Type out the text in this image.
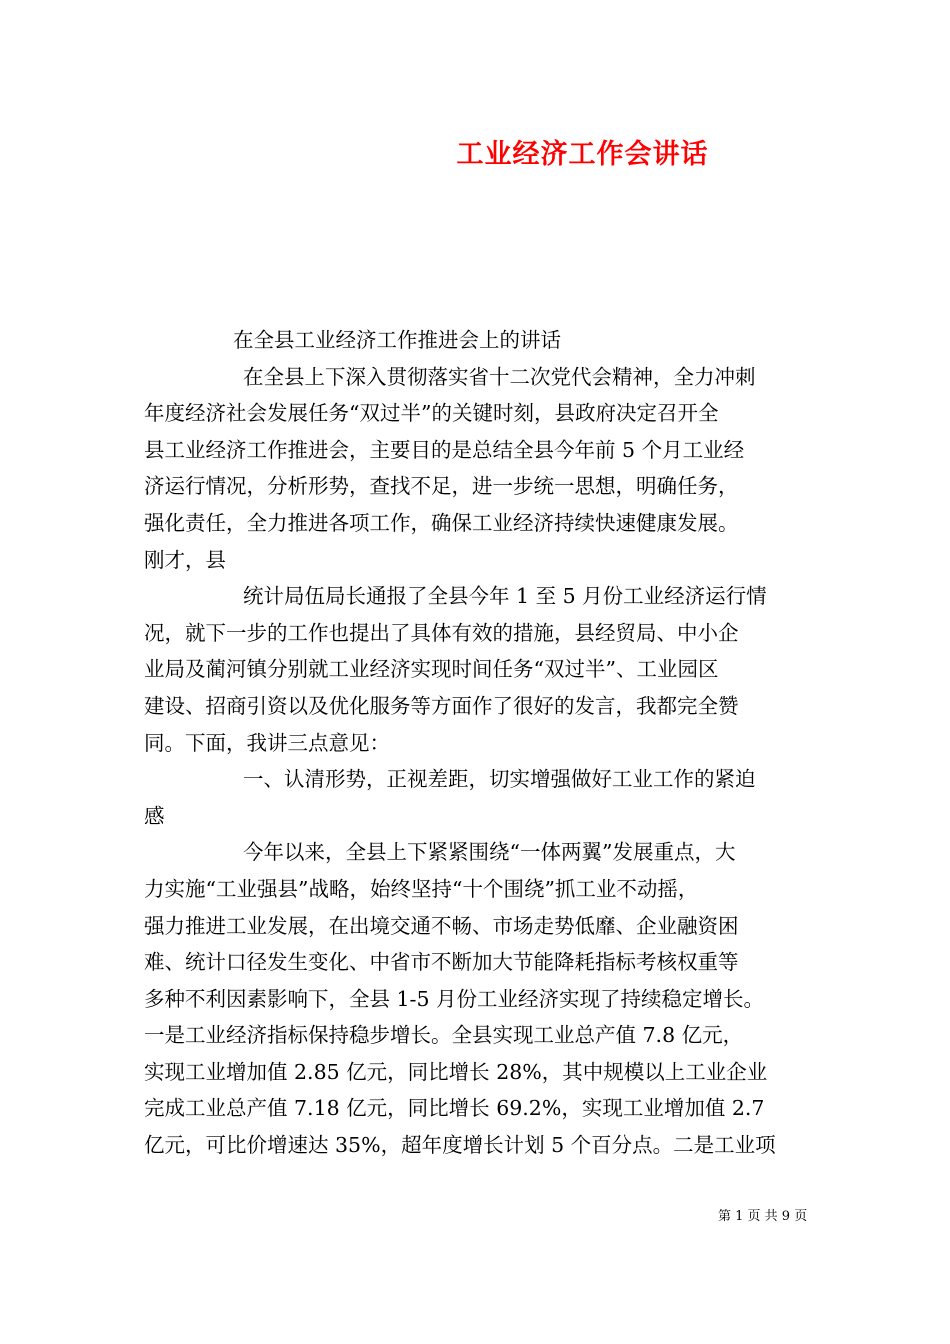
工业经济工作会讲话
在全县工业经济工作推进会上的讲话
在全县上下深入贯彻落实省十二次党代会精神，全力冲刺
年度经济社会发展任务“双过半”的关键时刻，县政府决定召开全
县工业经济工作推进会，主要目的是总结全县今年前 5 个月工业经
济运行情况，分析形势，查找不足，进一步统一思想，明确任务，
强化责任，全力推进各项工作，确保工业经济持续快速健康发展。
刚才，县
统计局伍局长通报了全县今年 1 至 5 月份工业经济运行情
况，就下一步的工作也提出了具体有效的措施，县经贸局、中小企
业局及蔺河镇分别就工业经济实现时间任务“双过半”、工业园区
建设、招商引资以及优化服务等方面作了很好的发言，我都完全赞
同。下面，我讲三点意见：
一、认清形势，正视差距，切实增强做好工业工作的紧迫
感
今年以来，全县上下紧紧围绕“一体两翼”发展重点，大
力实施“工业强县”战略，始终坚持“十个围绕”抓工业不动摇，
强力推进工业发展，在出境交通不畅、市场走势低靡、企业融资困
难、统计口径发生变化、中省市不断加大节能降耗指标考核权重等
多种不利因素影响下，全县 1-5 月份工业经济实现了持续稳定增长。
一是工业经济指标保持稳步增长。全县实现工业总产值 7.8 亿元，
实现工业增加值 2.85 亿元，同比增长 28%，其中规模以上工业企业
完成工业总产值 7.18 亿元，同比增长 69.2%，实现工业增加值 2.7
亿元，可比价增速达 35%，超年度增长计划 5 个百分点。二是工业项
第 1 页 共 9 页
